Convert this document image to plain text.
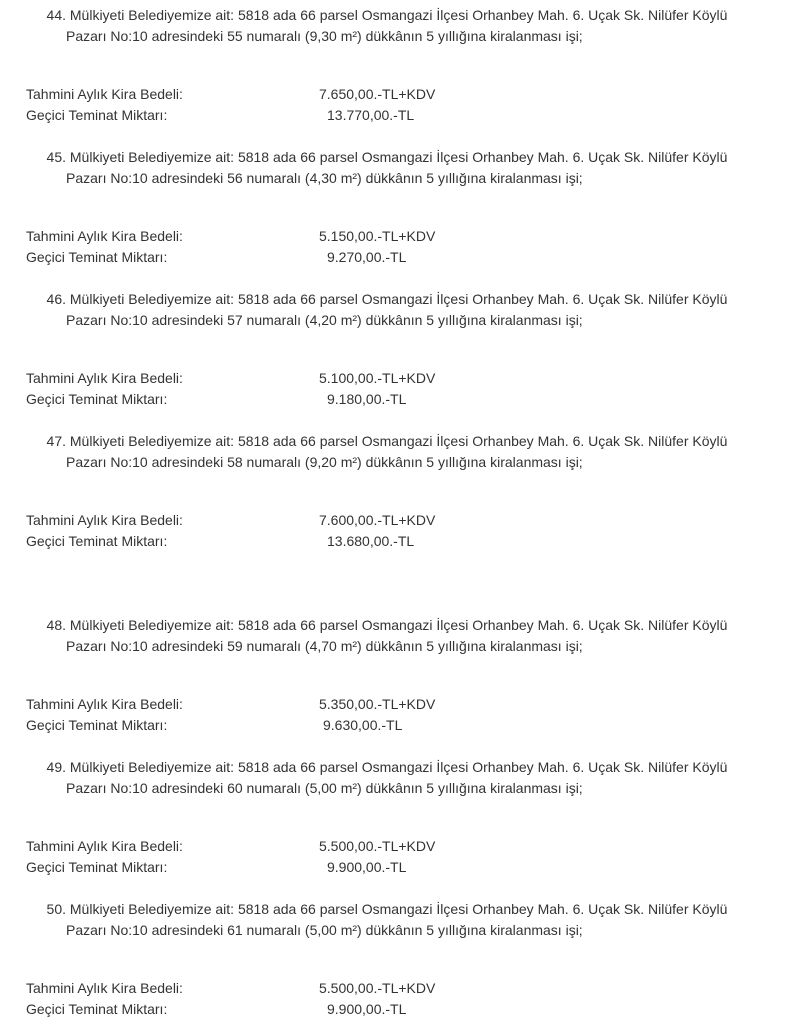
44. Mülkiyeti Belediyemize ait: 5818 ada 66 parsel Osmangazi İlçesi Orhanbey Mah. 6. Uçak Sk. Nilüfer Köylü
Pazarı No:10 adresindeki 55 numaralı (9,30 m²) dükkânın 5 yıllığına kiralanması işi;
Tahmini Aylık Kira Bedeli:	7.650,00.-TL+KDV
Geçici Teminat Miktarı:	13.770,00.-TL
45. Mülkiyeti Belediyemize ait: 5818 ada 66 parsel Osmangazi İlçesi Orhanbey Mah. 6. Uçak Sk. Nilüfer Köylü
Pazarı No:10 adresindeki 56 numaralı (4,30 m²) dükkânın 5 yıllığına kiralanması işi;
Tahmini Aylık Kira Bedeli:	5.150,00.-TL+KDV
Geçici Teminat Miktarı:	9.270,00.-TL
46. Mülkiyeti Belediyemize ait: 5818 ada 66 parsel Osmangazi İlçesi Orhanbey Mah. 6. Uçak Sk. Nilüfer Köylü
Pazarı No:10 adresindeki 57 numaralı (4,20 m²) dükkânın 5 yıllığına kiralanması işi;
Tahmini Aylık Kira Bedeli:	5.100,00.-TL+KDV
Geçici Teminat Miktarı:	9.180,00.-TL
47. Mülkiyeti Belediyemize ait: 5818 ada 66 parsel Osmangazi İlçesi Orhanbey Mah. 6. Uçak Sk. Nilüfer Köylü
Pazarı No:10 adresindeki 58 numaralı (9,20 m²) dükkânın 5 yıllığına kiralanması işi;
Tahmini Aylık Kira Bedeli:	7.600,00.-TL+KDV
Geçici Teminat Miktarı:	13.680,00.-TL
48. Mülkiyeti Belediyemize ait: 5818 ada 66 parsel Osmangazi İlçesi Orhanbey Mah. 6. Uçak Sk. Nilüfer Köylü
Pazarı No:10 adresindeki 59 numaralı (4,70 m²) dükkânın 5 yıllığına kiralanması işi;
Tahmini Aylık Kira Bedeli:	5.350,00.-TL+KDV
Geçici Teminat Miktarı:	9.630,00.-TL
49. Mülkiyeti Belediyemize ait: 5818 ada 66 parsel Osmangazi İlçesi Orhanbey Mah. 6. Uçak Sk. Nilüfer Köylü
Pazarı No:10 adresindeki 60 numaralı (5,00 m²) dükkânın 5 yıllığına kiralanması işi;
Tahmini Aylık Kira Bedeli:	5.500,00.-TL+KDV
Geçici Teminat Miktarı:	9.900,00.-TL
50. Mülkiyeti Belediyemize ait: 5818 ada 66 parsel Osmangazi İlçesi Orhanbey Mah. 6. Uçak Sk. Nilüfer Köylü
Pazarı No:10 adresindeki 61 numaralı (5,00 m²) dükkânın 5 yıllığına kiralanması işi;
Tahmini Aylık Kira Bedeli:	5.500,00.-TL+KDV
Geçici Teminat Miktarı:	9.900,00.-TL
